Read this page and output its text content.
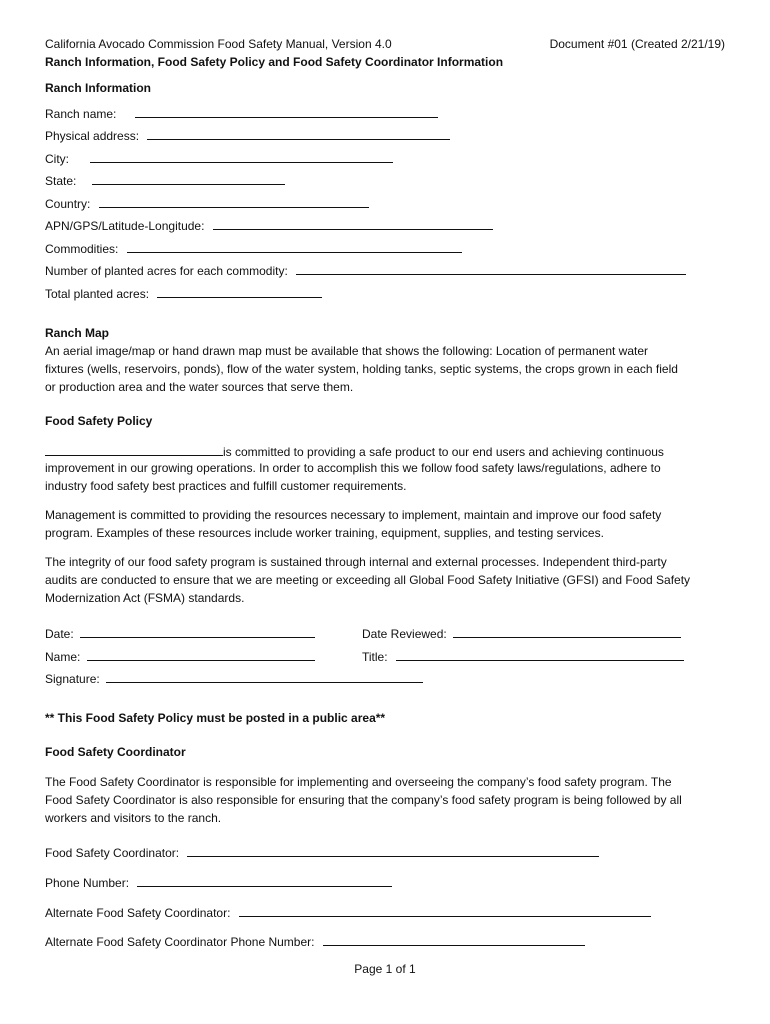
California Avocado Commission Food Safety Manual, Version 4.0	Document #01 (Created 2/21/19)
Ranch Information, Food Safety Policy and Food Safety Coordinator Information
Ranch Information
Ranch name:
Physical address:
City:
State:
Country:
APN/GPS/Latitude-Longitude:
Commodities:
Number of planted acres for each commodity:
Total planted acres:
Ranch Map
An aerial image/map or hand drawn map must be available that shows the following: Location of permanent water
fixtures (wells, reservoirs, ponds), flow of the water system, holding tanks, septic systems, the crops grown in each field
or production area and the water sources that serve them.
Food Safety Policy
is committed to providing a safe product to our end users and achieving continuous
improvement in our growing operations. In order to accomplish this we follow food safety laws/regulations, adhere to
industry food safety best practices and fulfill customer requirements.
Management is committed to providing the resources necessary to implement, maintain and improve our food safety
program. Examples of these resources include worker training, equipment, supplies, and testing services.
The integrity of our food safety program is sustained through internal and external processes. Independent third-party
audits are conducted to ensure that we are meeting or exceeding all Global Food Safety Initiative (GFSI) and Food Safety
Modernization Act (FSMA) standards.
Date:	Date Reviewed:
Name:	Title:
Signature:
** This Food Safety Policy must be posted in a public area**
Food Safety Coordinator
The Food Safety Coordinator is responsible for implementing and overseeing the company’s food safety program. The
Food Safety Coordinator is also responsible for ensuring that the company’s food safety program is being followed by all
workers and visitors to the ranch.
Food Safety Coordinator:
Phone Number:
Alternate Food Safety Coordinator:
Alternate Food Safety Coordinator Phone Number:
Page 1 of 1
